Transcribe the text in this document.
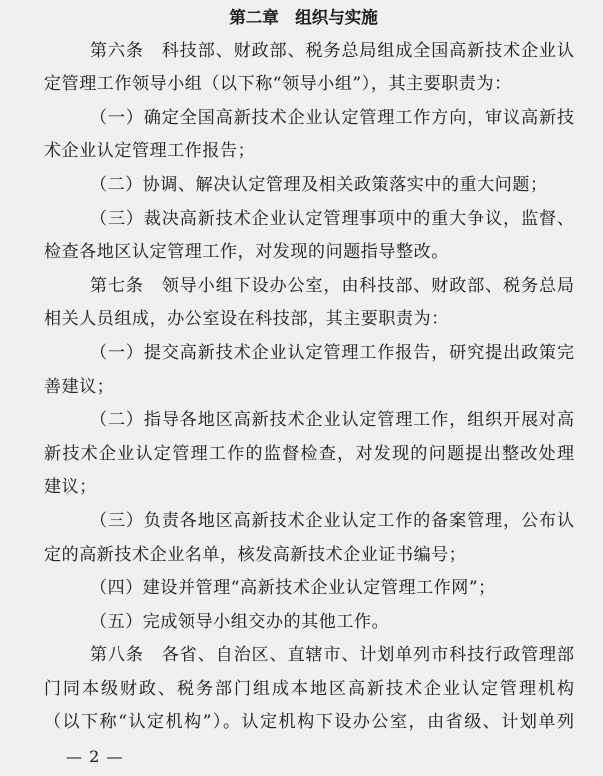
第二章　组织与实施
第六条　科技部、财政部、税务总局组成全国高新技术企业认
定管理工作领导小组（以下称“领导小组”），其主要职责为：
（一）确定全国高新技术企业认定管理工作方向，审议高新技
术企业认定管理工作报告；
（二）协调、解决认定管理及相关政策落实中的重大问题；
（三）裁决高新技术企业认定管理事项中的重大争议，监督、
检查各地区认定管理工作，对发现的问题指导整改。
第七条　领导小组下设办公室，由科技部、财政部、税务总局
相关人员组成，办公室设在科技部，其主要职责为：
（一）提交高新技术企业认定管理工作报告，研究提出政策完
善建议；
（二）指导各地区高新技术企业认定管理工作，组织开展对高
新技术企业认定管理工作的监督检查，对发现的问题提出整改处理
建议；
（三）负责各地区高新技术企业认定工作的备案管理，公布认
定的高新技术企业名单，核发高新技术企业证书编号；
（四）建设并管理“高新技术企业认定管理工作网”；
（五）完成领导小组交办的其他工作。
第八条　各省、自治区、直辖市、计划单列市科技行政管理部
门同本级财政、税务部门组成本地区高新技术企业认定管理机构
（以下称“认定机构”）。认定机构下设办公室，由省级、计划单列
— 2 —
